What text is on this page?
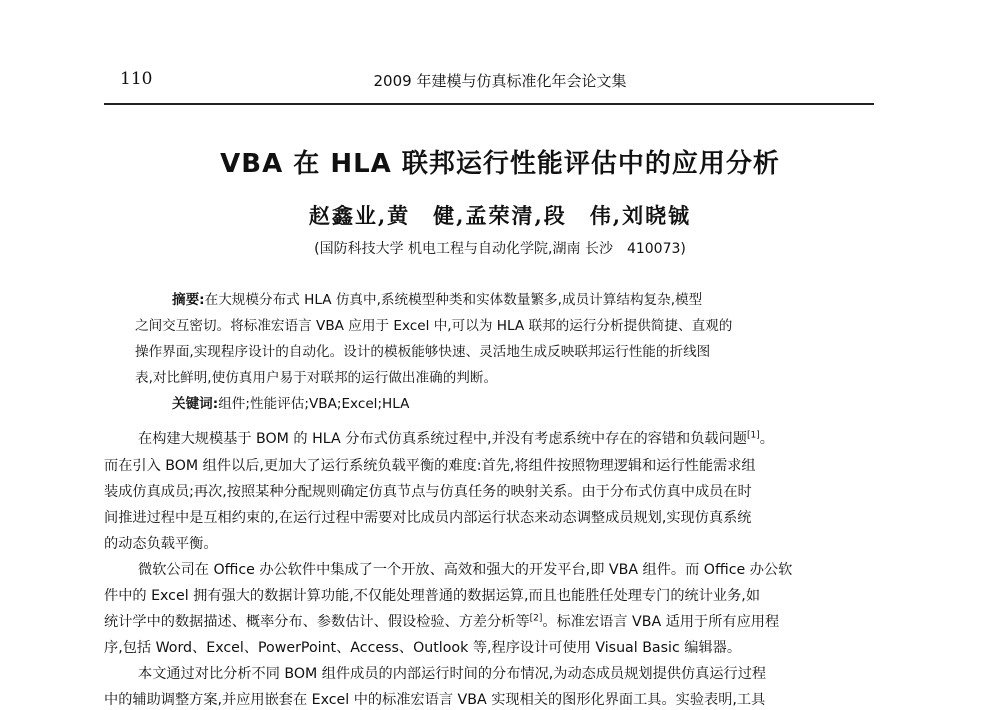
110	2009 年建模与仿真标准化年会论文集
VBA 在 HLA 联邦运行性能评估中的应用分析
赵鑫业,黄　健,孟荣清,段　伟,刘晓铖
(国防科技大学 机电工程与自动化学院,湖南 长沙　410073)
摘要:在大规模分布式 HLA 仿真中,系统模型种类和实体数量繁多,成员计算结构复杂,模型
之间交互密切。将标准宏语言 VBA 应用于 Excel 中,可以为 HLA 联邦的运行分析提供简捷、直观的
操作界面,实现程序设计的自动化。设计的模板能够快速、灵活地生成反映联邦运行性能的折线图
表,对比鲜明,使仿真用户易于对联邦的运行做出准确的判断。
关键词:组件;性能评估;VBA;Excel;HLA
在构建大规模基于 BOM 的 HLA 分布式仿真系统过程中,并没有考虑系统中存在的容错和负载问题[1]。
而在引入 BOM 组件以后,更加大了运行系统负载平衡的难度:首先,将组件按照物理逻辑和运行性能需求组
装成仿真成员;再次,按照某种分配规则确定仿真节点与仿真任务的映射关系。由于分布式仿真中成员在时
间推进过程中是互相约束的,在运行过程中需要对比成员内部运行状态来动态调整成员规划,实现仿真系统
的动态负载平衡。
微软公司在 Office 办公软件中集成了一个开放、高效和强大的开发平台,即 VBA 组件。而 Office 办公软
件中的 Excel 拥有强大的数据计算功能,不仅能处理普通的数据运算,而且也能胜任处理专门的统计业务,如
统计学中的数据描述、概率分布、参数估计、假设检验、方差分析等[2]。标准宏语言 VBA 适用于所有应用程
序,包括 Word、Excel、PowerPoint、Access、Outlook 等,程序设计可使用 Visual Basic 编辑器。
本文通过对比分析不同 BOM 组件成员的内部运行时间的分布情况,为动态成员规划提供仿真运行过程
中的辅助调整方案,并应用嵌套在 Excel 中的标准宏语言 VBA 实现相关的图形化界面工具。实验表明,工具
